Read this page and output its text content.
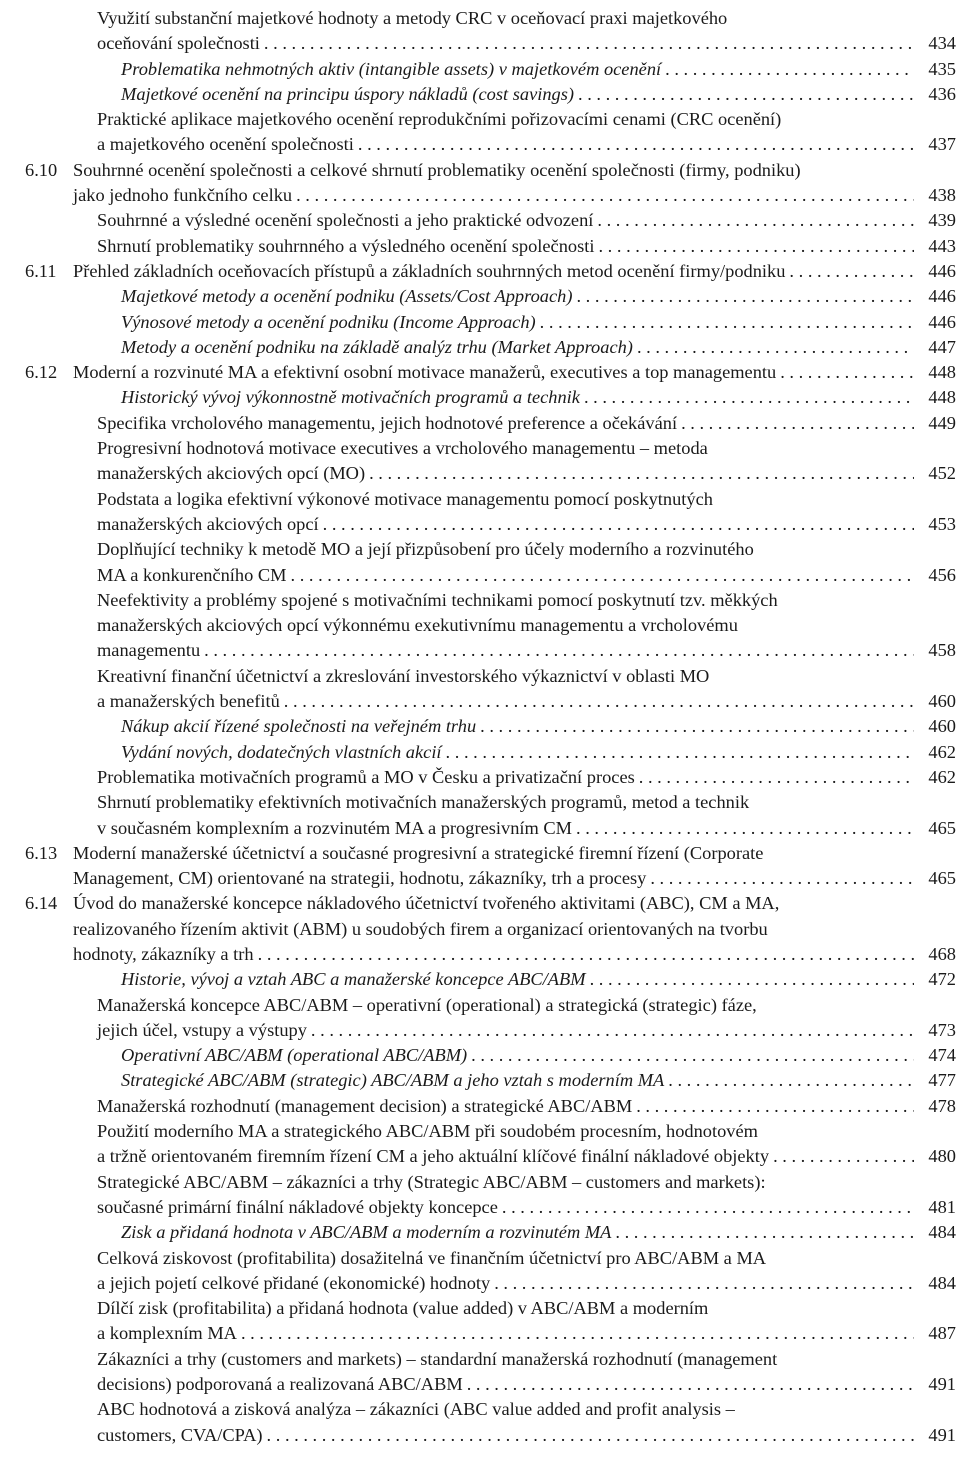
Využití substanční majetkové hodnoty a metody CRC v oceňovací praxi majetkového
oceňování společnosti . . .	434
Problematika nehmotných aktiv (intangible assets) v majetkovém ocenění . . .	435
Majetkové ocenění na principu úspory nákladů (cost savings) . . .	436
Praktické aplikace majetkového ocenění reprodukčními pořizovacími cenami (CRC ocenění)
a majetkového ocenění společnosti . . .	437
6.10 Souhrnné ocenění společnosti a celkové shrnutí problematiky ocenění společnosti (firmy, podniku)
jako jednoho funkčního celku . . .	438
Souhrnné a výsledné ocenění společnosti a jeho praktické odvození . . .	439
Shrnutí problematiky souhrnného a výsledného ocenění společnosti . . .	443
6.11 Přehled základních oceňovacích přístupů a základních souhrnných metod ocenění firmy/podniku . . .	446
Majetkové metody a ocenění podniku (Assets/Cost Approach) . . .	446
Výnosové metody a ocenění podniku (Income Approach) . . .	446
Metody a ocenění podniku na základě analýz trhu (Market Approach) . . .	447
6.12 Moderní a rozvinuté MA a efektivní osobní motivace manažerů, executives a top managementu . . .	448
Historický vývoj výkonnostně motivačních programů a technik . . .	448
Specifika vrcholového managementu, jejich hodnotové preference a očekávání . . .	449
Progresivní hodnotová motivace executives a vrcholového managementu – metoda
manažerských akciových opcí (MO) . . .	452
Podstata a logika efektivní výkonové motivace managementu pomocí poskytnutých
manažerských akciových opcí . . .	453
Doplňující techniky k metodě MO a její přizpůsobení pro účely moderního a rozvinutého
MA a konkurenčního CM . . .	456
Neefektivity a problémy spojené s motivačními technikami pomocí poskytnutí tzv. měkkých
manažerských akciových opcí výkonnému exekutivnímu managementu a vrcholovému
managementu . . .	458
Kreativní finanční účetnictví a zkreslování investorského výkaznictví v oblasti MO
a manažerských benefitů . . .	460
Nákup akcií řízené společnosti na veřejném trhu . . .	460
Vydání nových, dodatečných vlastních akcií . . .	462
Problematika motivačních programů a MO v Česku a privatizační proces . . .	462
Shrnutí problematiky efektivních motivačních manažerských programů, metod a technik
v současném komplexním a rozvinutém MA a progresivním CM . . .	465
6.13 Moderní manažerské účetnictví a současné progresivní a strategické firemní řízení (Corporate
Management, CM) orientované na strategii, hodnotu, zákazníky, trh a procesy . . .	465
6.14 Úvod do manažerské koncepce nákladového účetnictví tvořeného aktivitami (ABC), CM a MA,
realizovaného řízením aktivit (ABM) u soudobých firem a organizací orientovaných na tvorbu
hodnoty, zákazníky a trh . . .	468
Historie, vývoj a vztah ABC a manažerské koncepce ABC/ABM . . .	472
Manažerská koncepce ABC/ABM – operativní (operational) a strategická (strategic) fáze,
jejich účel, vstupy a výstupy . . .	473
Operativní ABC/ABM (operational ABC/ABM) . . .	474
Strategické ABC/ABM (strategic) ABC/ABM a jeho vztah s moderním MA . . .	477
Manažerská rozhodnutí (management decision) a strategické ABC/ABM . . .	478
Použití moderního MA a strategického ABC/ABM při soudobém procesním, hodnotovém
a tržně orientovaném firemním řízení CM a jeho aktuální klíčové finální nákladové objekty . . .	480
Strategické ABC/ABM – zákazníci a trhy (Strategic ABC/ABM – customers and markets):
současné primární finální nákladové objekty koncepce . . .	481
Zisk a přidaná hodnota v ABC/ABM a moderním a rozvinutém MA . . .	484
Celková ziskovost (profitabilita) dosažitelná ve finančním účetnictví pro ABC/ABM a MA
a jejich pojetí celkové přidané (ekonomické) hodnoty . . .	484
Dílčí zisk (profitabilita) a přidaná hodnota (value added) v ABC/ABM a moderním
a komplexním MA . . .	487
Zákazníci a trhy (customers and markets) – standardní manažerská rozhodnutí (management
decisions) podporovaná a realizovaná ABC/ABM . . .	491
ABC hodnotová a zisková analýza – zákazníci (ABC value added and profit analysis –
customers, CVA/CPA) . . .	491
